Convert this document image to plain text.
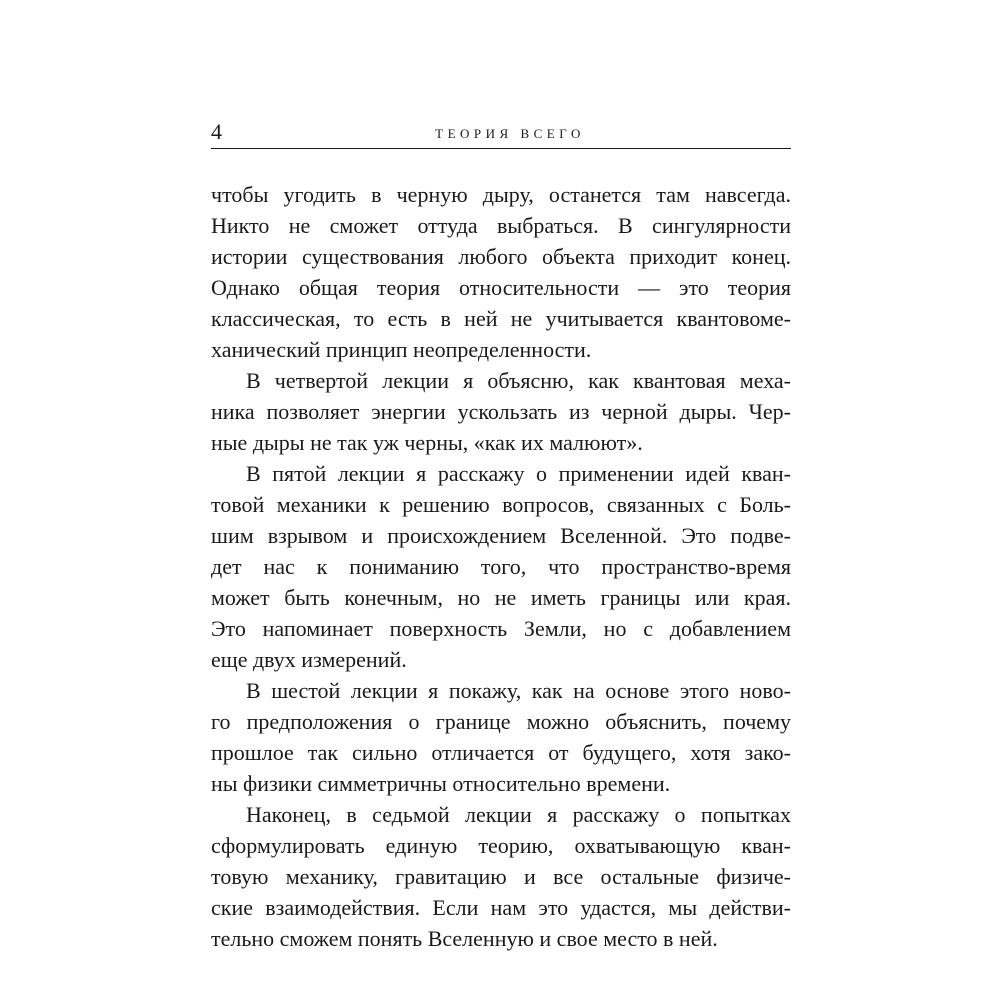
4	ТЕОРИЯ ВСЕГО
чтобы угодить в черную дыру, останется там навсегда.
Никто не сможет оттуда выбраться. В сингулярности
истории существования любого объекта приходит конец.
Однако общая теория относительности — это теория
классическая, то есть в ней не учитывается квантовоме-
ханический принцип неопределенности.
В четвертой лекции я объясню, как квантовая меха-
ника позволяет энергии ускользать из черной дыры. Чер-
ные дыры не так уж черны, «как их малюют».
В пятой лекции я расскажу о применении идей кван-
товой механики к решению вопросов, связанных с Боль-
шим взрывом и происхождением Вселенной. Это подве-
дет нас к пониманию того, что пространство-время
может быть конечным, но не иметь границы или края.
Это напоминает поверхность Земли, но с добавлением
еще двух измерений.
В шестой лекции я покажу, как на основе этого ново-
го предположения о границе можно объяснить, почему
прошлое так сильно отличается от будущего, хотя зако-
ны физики симметричны относительно времени.
Наконец, в седьмой лекции я расскажу о попытках
сформулировать единую теорию, охватывающую кван-
товую механику, гравитацию и все остальные физиче-
ские взаимодействия. Если нам это удастся, мы действи-
тельно сможем понять Вселенную и свое место в ней.
